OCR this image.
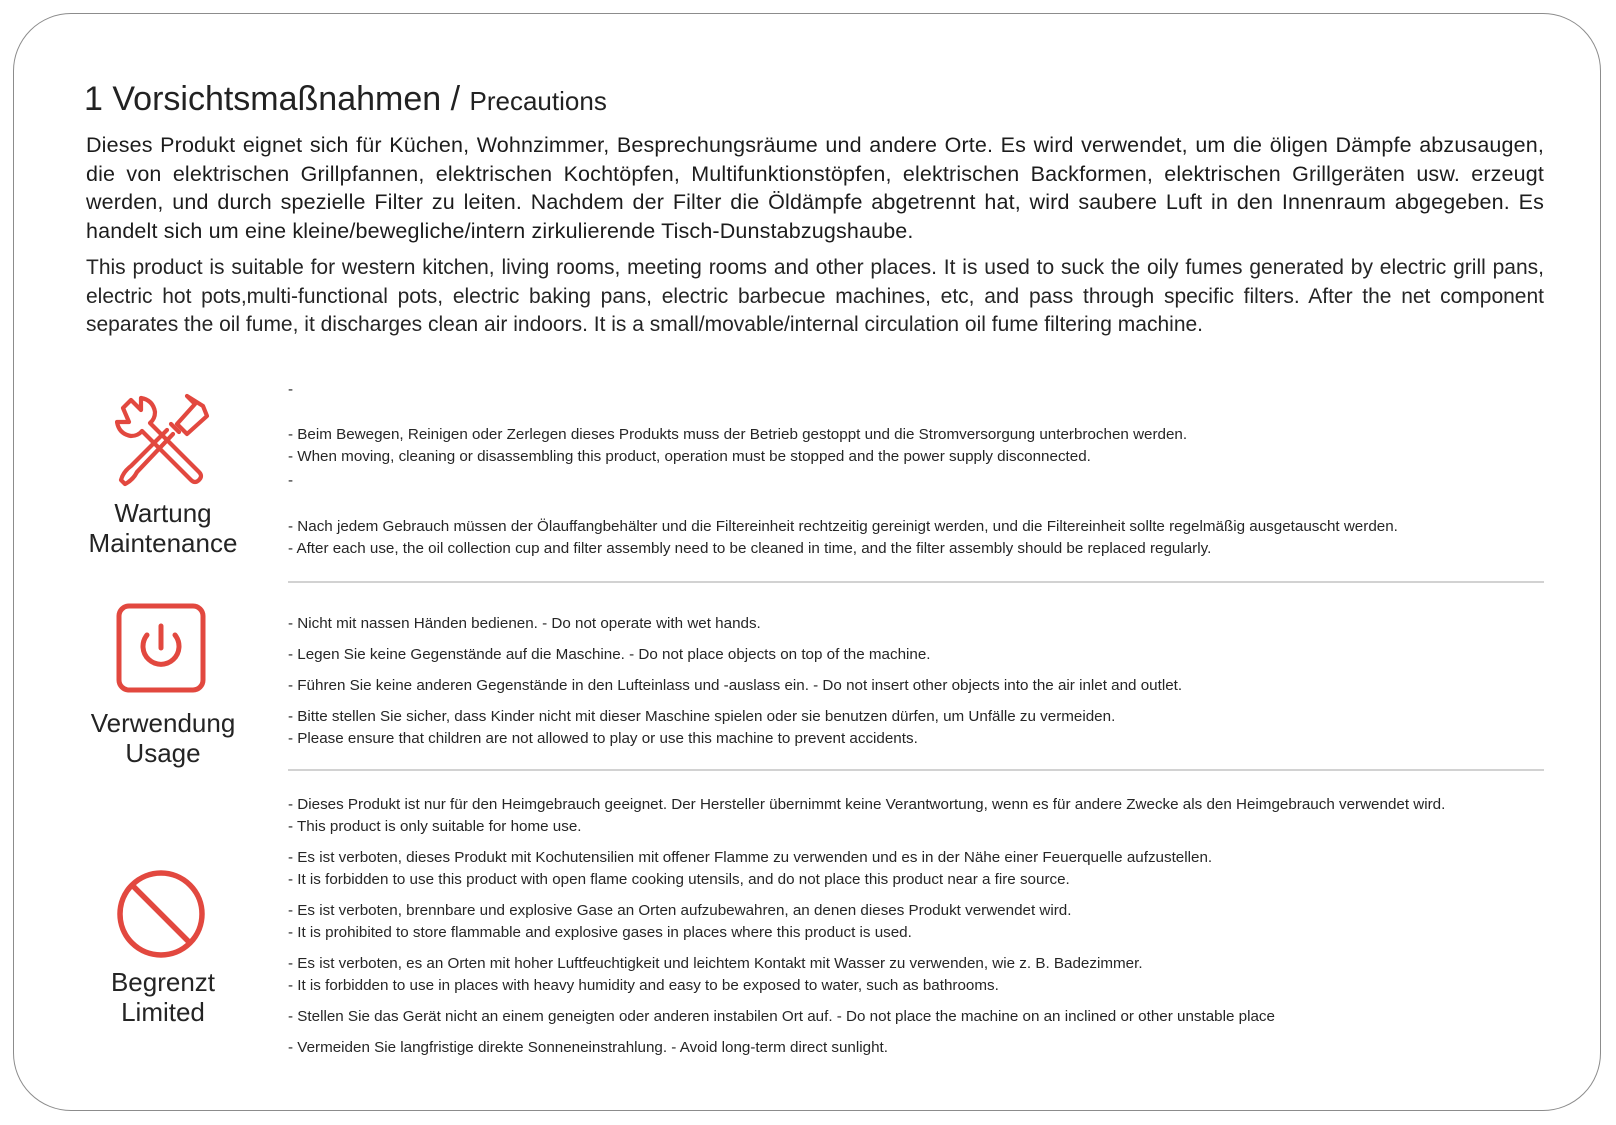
1 Vorsichtsmaßnahmen / Precautions

Dieses Produkt eignet sich für Küchen, Wohnzimmer, Besprechungsräume und andere Orte. Es wird verwendet, um die öligen Dämpfe abzusaugen, die von elektrischen Grillpfannen, elektrischen Kochtöpfen, Multifunktionstöpfen, elektrischen Backformen, elektrischen Grillgeräten usw. erzeugt werden, und durch spezielle Filter zu leiten. Nachdem der Filter die Öldämpfe abgetrennt hat, wird saubere Luft in den Innenraum abgegeben. Es handelt sich um eine kleine/bewegliche/intern zirkulierende Tisch-Dunstabzugshaube.

This product is suitable for western kitchen, living rooms, meeting rooms and other places. It is used to suck the oily fumes generated by electric grill pans, electric hot pots,multi-functional pots, electric baking pans, electric barbecue machines, etc, and pass through specific filters. After the net component separates the oil fume, it discharges clean air indoors. It is a small/movable/internal circulation oil fume filtering machine.

Wartung
Maintenance
-
- Beim Bewegen, Reinigen oder Zerlegen dieses Produkts muss der Betrieb gestoppt und die Stromversorgung unterbrochen werden.
- When moving, cleaning or disassembling this product, operation must be stopped and the power supply disconnected.
-
- Nach jedem Gebrauch müssen der Ölauffangbehälter und die Filtereinheit rechtzeitig gereinigt werden, und die Filtereinheit sollte regelmäßig ausgetauscht werden.
- After each use, the oil collection cup and filter assembly need to be cleaned in time, and the filter assembly should be replaced regularly.
Verwendung
Usage
- Nicht mit nassen Händen bedienen. - Do not operate with wet hands.
- Legen Sie keine Gegenstände auf die Maschine. - Do not place objects on top of the machine.
- Führen Sie keine anderen Gegenstände in den Lufteinlass und -auslass ein. - Do not insert other objects into the air inlet and outlet.
- Bitte stellen Sie sicher, dass Kinder nicht mit dieser Maschine spielen oder sie benutzen dürfen, um Unfälle zu vermeiden.
- Please ensure that children are not allowed to play or use this machine to prevent accidents.
Begrenzt
Limited
- Dieses Produkt ist nur für den Heimgebrauch geeignet. Der Hersteller übernimmt keine Verantwortung, wenn es für andere Zwecke als den Heimgebrauch verwendet wird.
- This product is only suitable for home use.
- Es ist verboten, dieses Produkt mit Kochutensilien mit offener Flamme zu verwenden und es in der Nähe einer Feuerquelle aufzustellen.
- It is forbidden to use this product with open flame cooking utensils, and do not place this product near a fire source.
- Es ist verboten, brennbare und explosive Gase an Orten aufzubewahren, an denen dieses Produkt verwendet wird.
- It is prohibited to store flammable and explosive gases in places where this product is used.
- Es ist verboten, es an Orten mit hoher Luftfeuchtigkeit und leichtem Kontakt mit Wasser zu verwenden, wie z. B. Badezimmer.
- It is forbidden to use in places with heavy humidity and easy to be exposed to water, such as bathrooms.
- Stellen Sie das Gerät nicht an einem geneigten oder anderen instabilen Ort auf. - Do not place the machine on an inclined or other unstable place
- Vermeiden Sie langfristige direkte Sonneneinstrahlung. - Avoid long-term direct sunlight.
